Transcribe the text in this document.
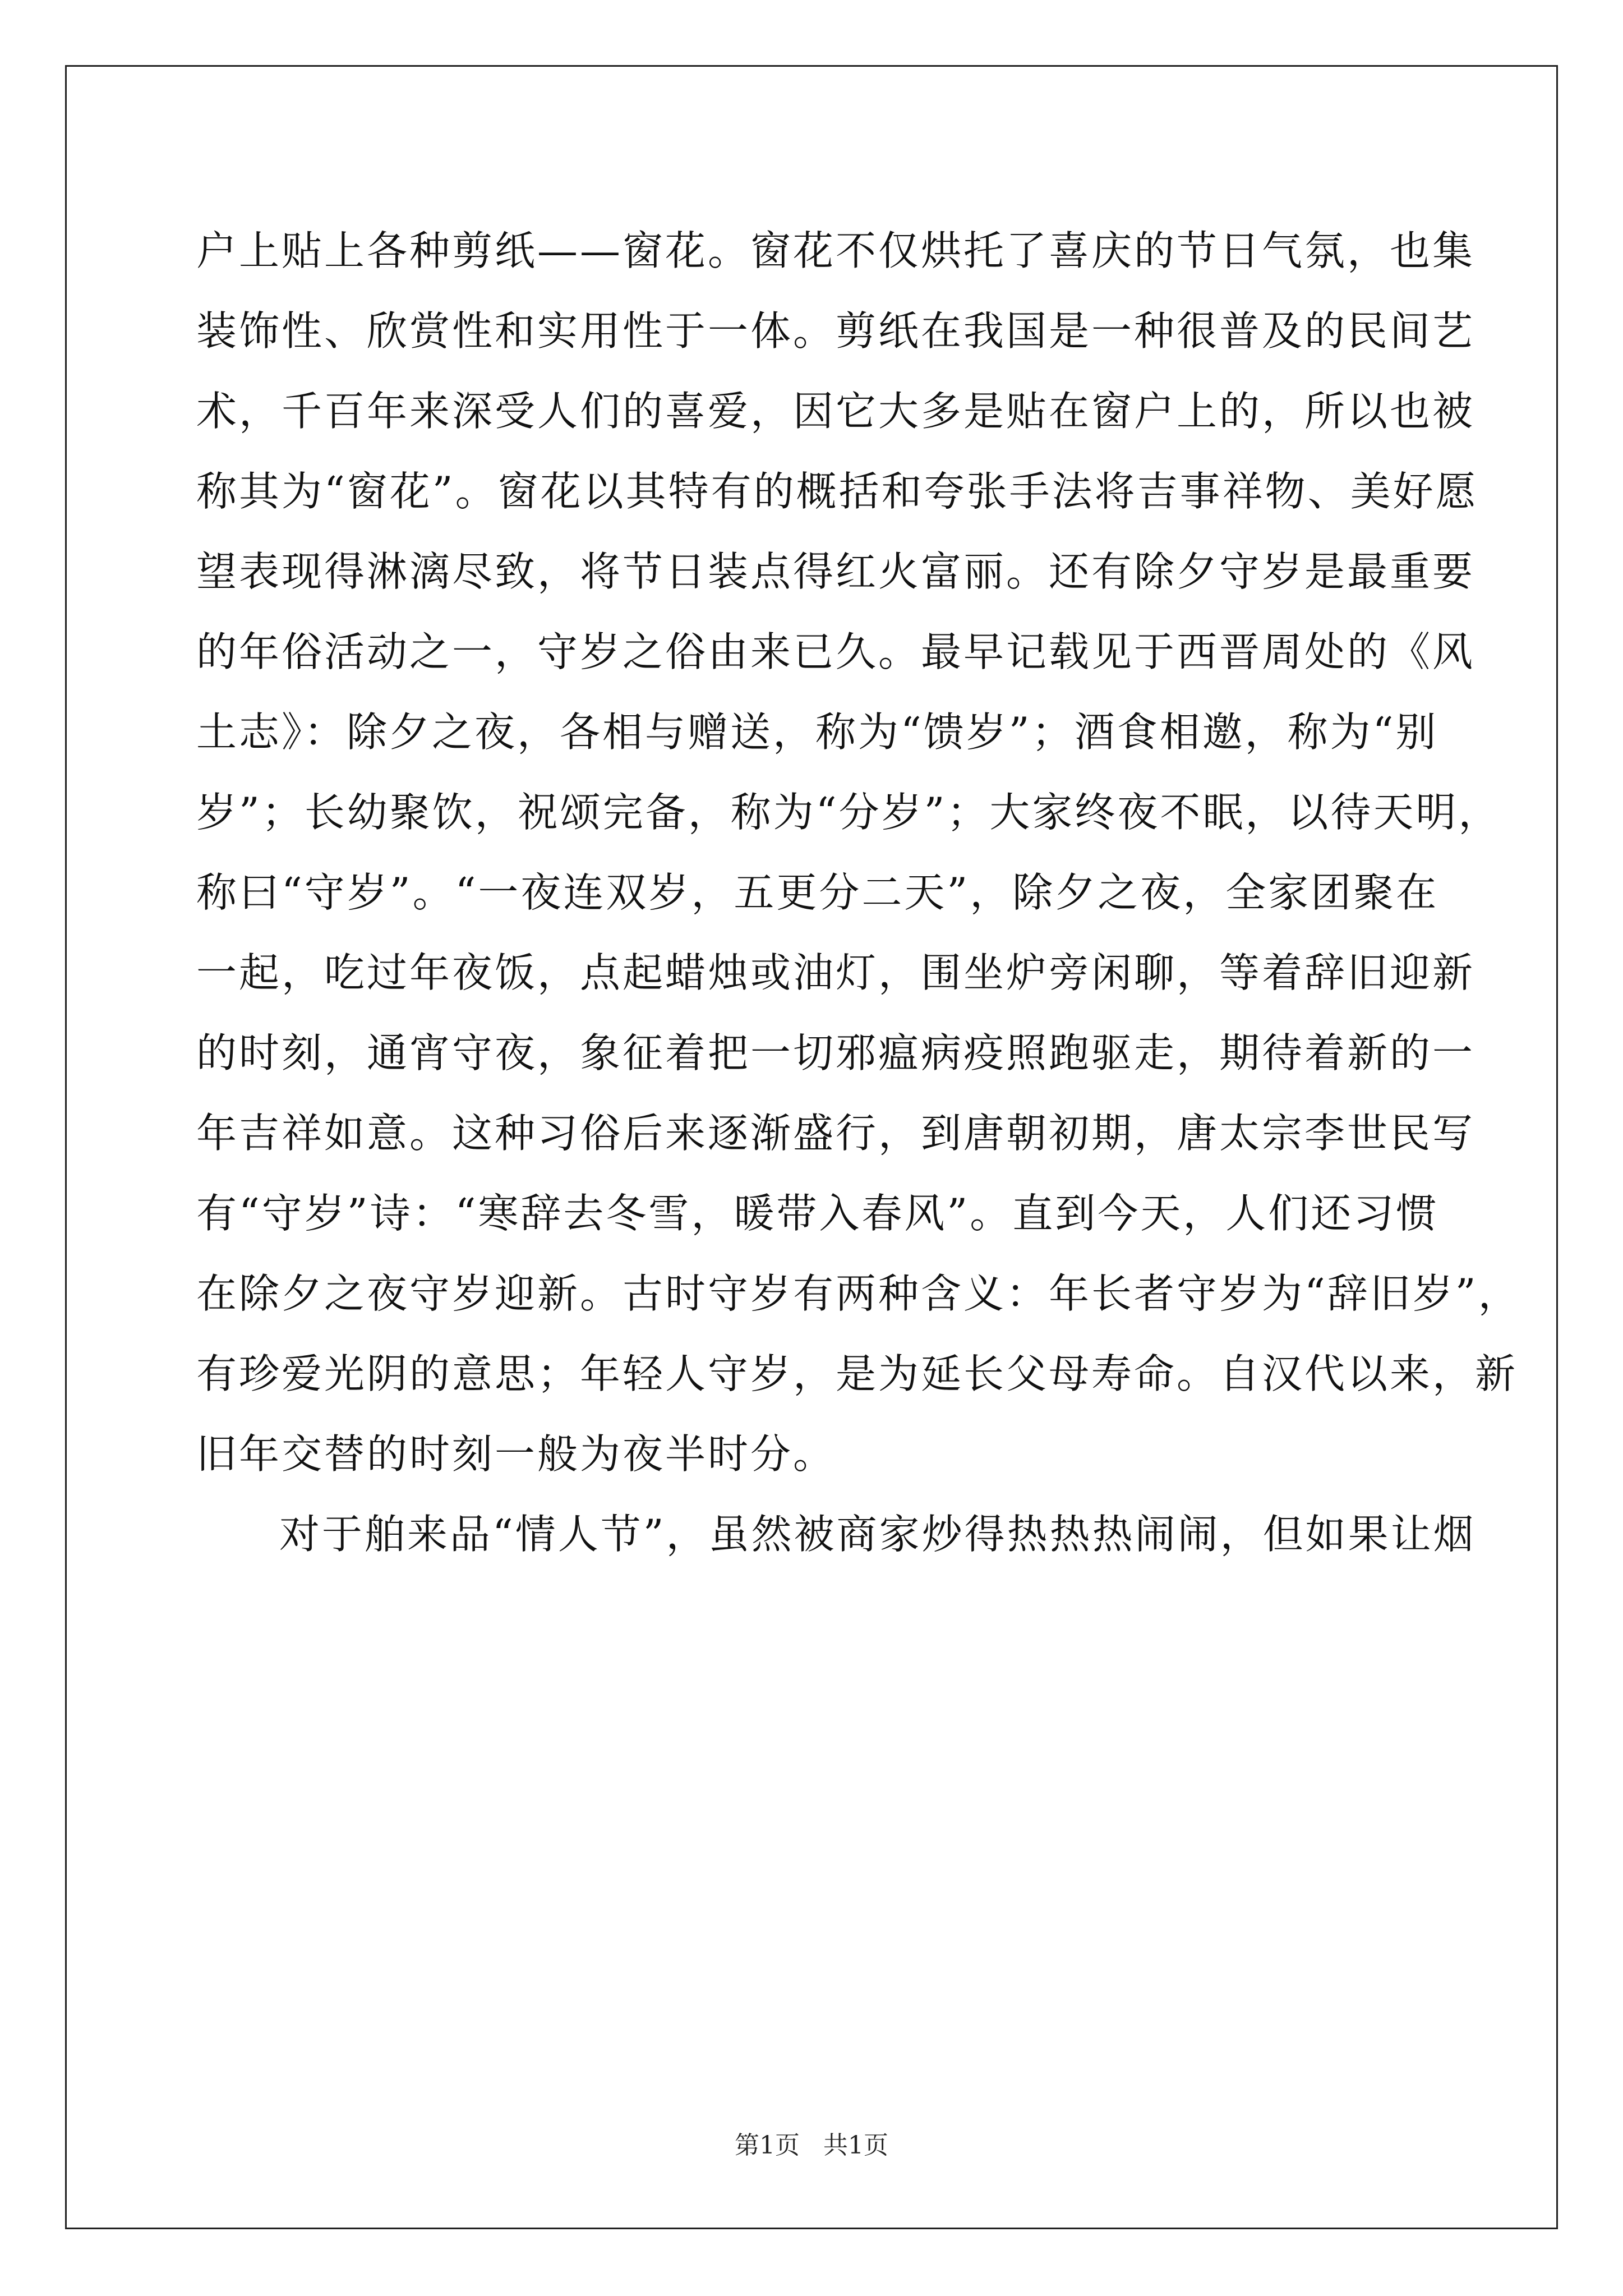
户上贴上各种剪纸——窗花。窗花不仅烘托了喜庆的节日气氛，也集
装饰性、欣赏性和实用性于一体。剪纸在我国是一种很普及的民间艺
术，千百年来深受人们的喜爱，因它大多是贴在窗户上的，所以也被
称其为“窗花”。窗花以其特有的概括和夸张手法将吉事祥物、美好愿
望表现得淋漓尽致，将节日装点得红火富丽。还有除夕守岁是最重要
的年俗活动之一，守岁之俗由来已久。最早记载见于西晋周处的《风
土志》：除夕之夜，各相与赠送，称为“馈岁”；酒食相邀，称为“别
岁”；长幼聚饮，祝颂完备，称为“分岁”；大家终夜不眠，以待天明，
称曰“守岁”。“一夜连双岁，五更分二天”，除夕之夜，全家团聚在
一起，吃过年夜饭，点起蜡烛或油灯，围坐炉旁闲聊，等着辞旧迎新
的时刻，通宵守夜，象征着把一切邪瘟病疫照跑驱走，期待着新的一
年吉祥如意。这种习俗后来逐渐盛行，到唐朝初期，唐太宗李世民写
有“守岁”诗：“寒辞去冬雪，暖带入春风”。直到今天，人们还习惯
在除夕之夜守岁迎新。古时守岁有两种含义：年长者守岁为“辞旧岁”，
有珍爱光阴的意思；年轻人守岁，是为延长父母寿命。自汉代以来，新
旧年交替的时刻一般为夜半时分。
对于舶来品“情人节”，虽然被商家炒得热热热闹闹，但如果让烟
第1页   共1页
